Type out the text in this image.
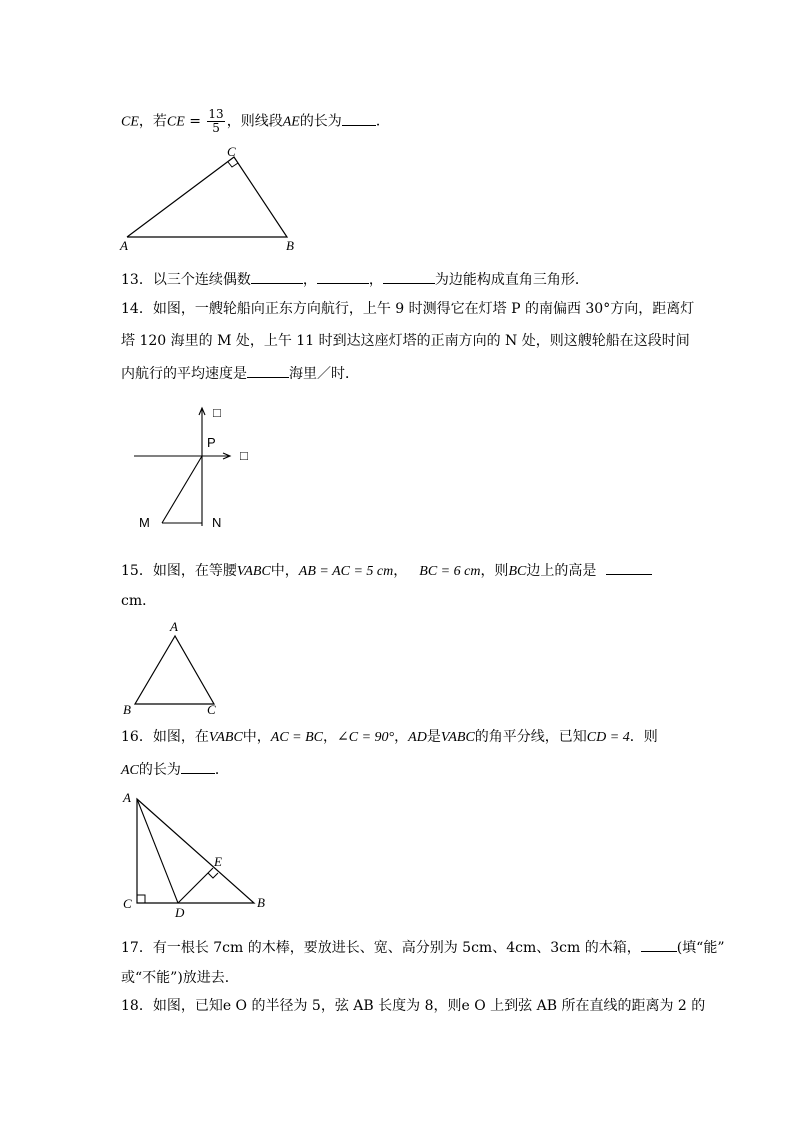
CE，若CE = $\frac{13}{5}$ ，则线段AE的长为 ．
C
A	B
13．以三个连续偶数	，	，	为边能构成直角三角形．
14．如图，一艘轮船向正东方向航行，上午 9 时测得它在灯塔 P 的南偏西 30°方向，距离灯
塔 120 海里的 M 处，上午 11 时到达这座灯塔的正南方向的 N 处，则这艘轮船在这段时间
内航行的平均速度是	海里／时．
□
□
P
M	N
15．如图，在等腰VABC中，AB = AC = 5 cm， BC = 6 cm，则BC边上的高是
cm．
A
B	C
16．如图，在VABC中，AC = BC，∠C = 90°，AD是VABC的角平分线，已知CD = 4．则
AC的长为 ．
A
C
D
E
B
17．有一根长 7cm 的木棒，要放进长、宽、高分别为 5cm、4cm、3cm 的木箱，	(填“能”
或“不能”)放进去．
18．如图，已知e O 的半径为 5，弦 AB 长度为 8，则e O 上到弦 AB 所在直线的距离为 2 的
